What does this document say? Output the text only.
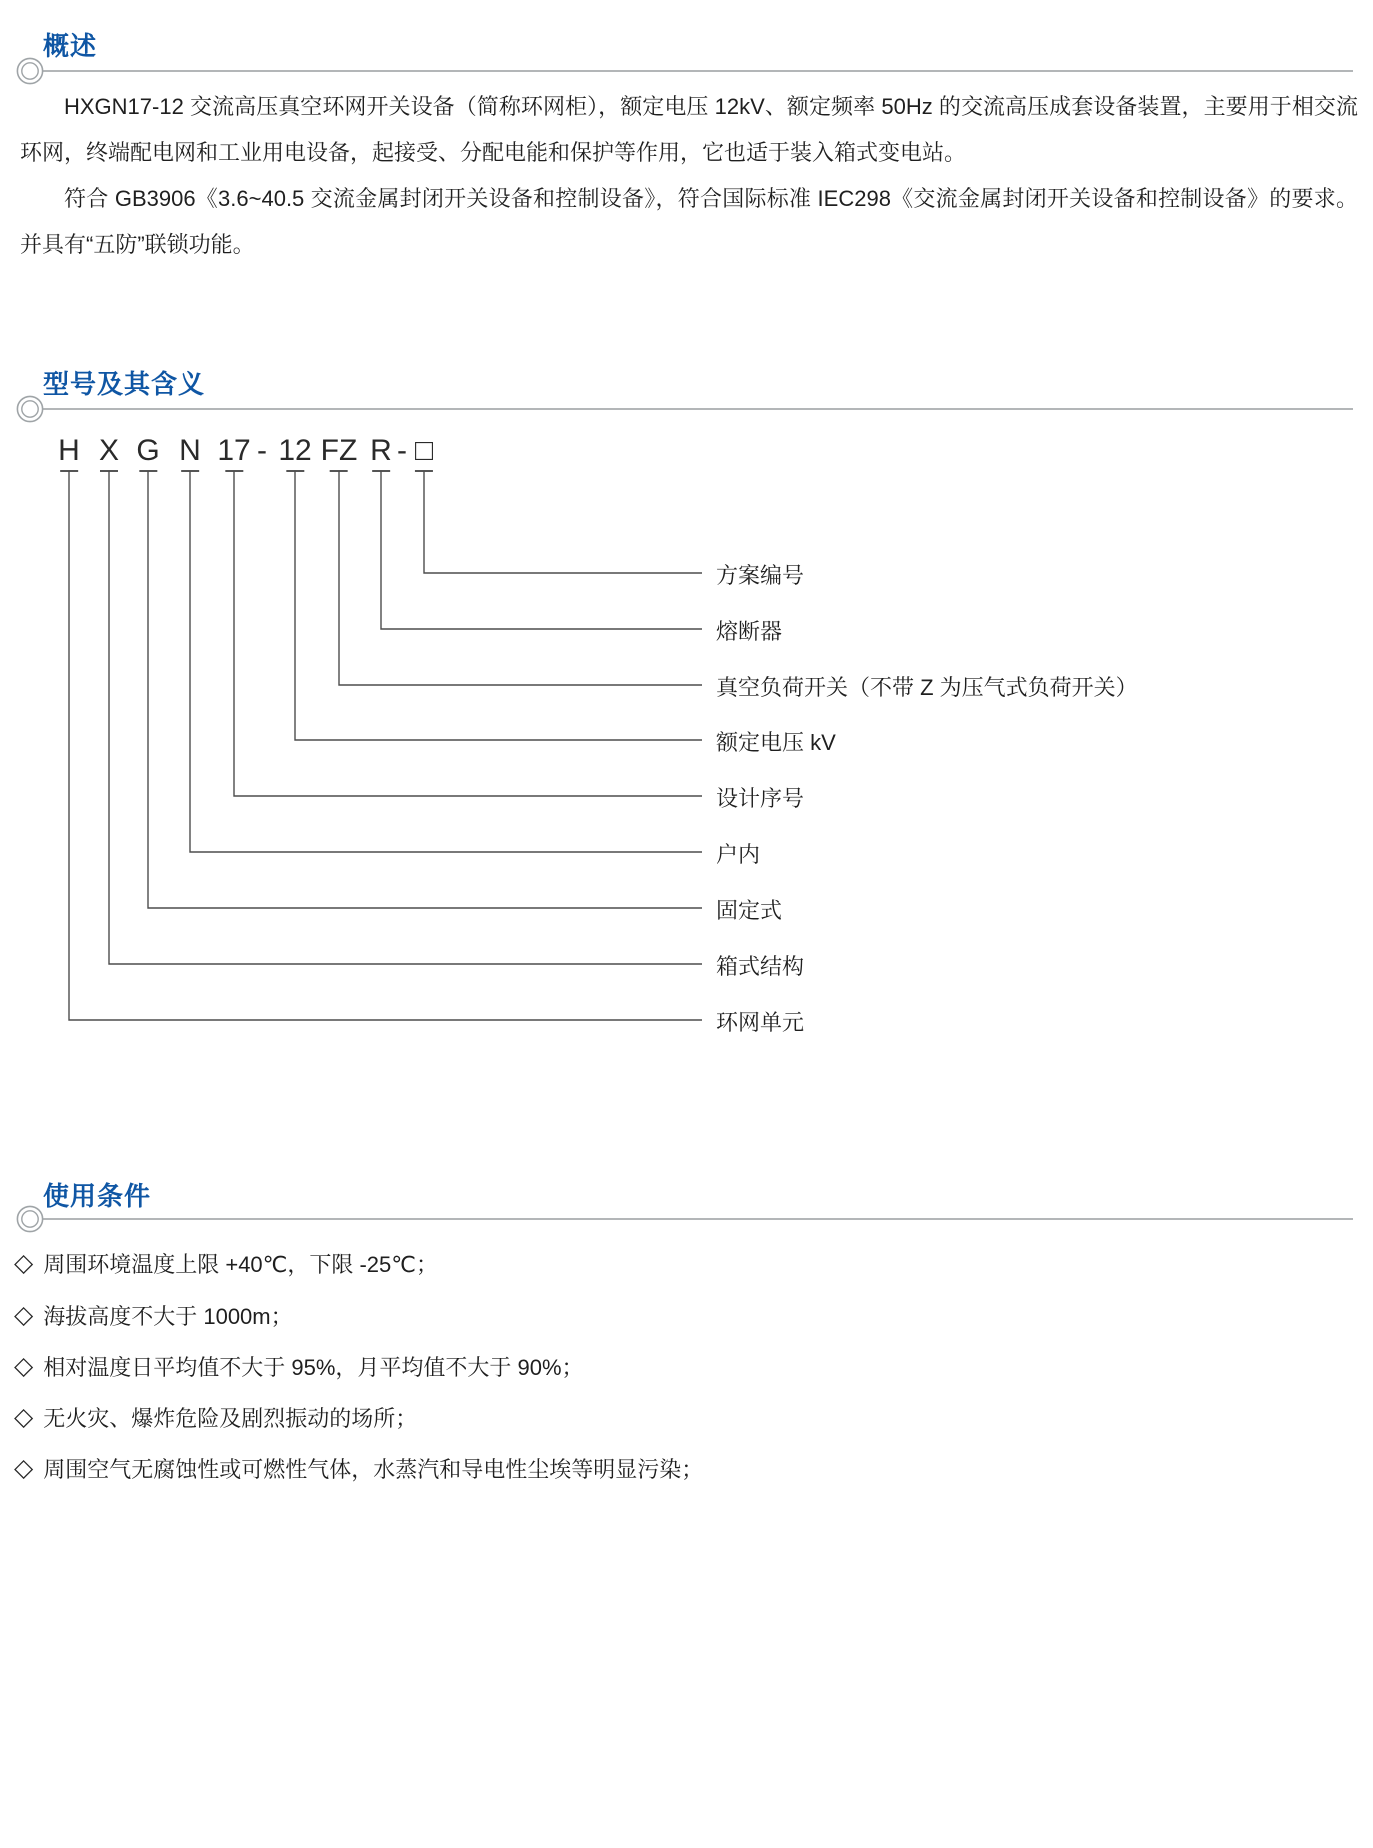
概述

HXGN17-12 交流高压真空环网开关设备（简称环网柜），额定电压 12kV、额定频率 50Hz 的交流高压成套设备装置，主要用于相交流环网，终端配电网和工业用电设备，起接受、分配电能和保护等作用，它也适于装入箱式变电站。

符合 GB3906《3.6~40.5 交流金属封闭开关设备和控制设备》，符合国际标准 IEC298《交流金属封闭开关设备和控制设备》的要求。并具有“五防”联锁功能。

型号及其含义
H X G N 17 - 12 FZ R - □
方案编号
熔断器
真空负荷开关（不带 Z 为压气式负荷开关）
额定电压 kV
设计序号
户内
固定式
箱式结构
环网单元
使用条件
◇ 周围环境温度上限 +40℃，下限 -25℃；
◇ 海拔高度不大于 1000m；
◇ 相对温度日平均值不大于 95%，月平均值不大于 90%；
◇ 无火灾、爆炸危险及剧烈振动的场所；
◇ 周围空气无腐蚀性或可燃性气体，水蒸汽和导电性尘埃等明显污染；
